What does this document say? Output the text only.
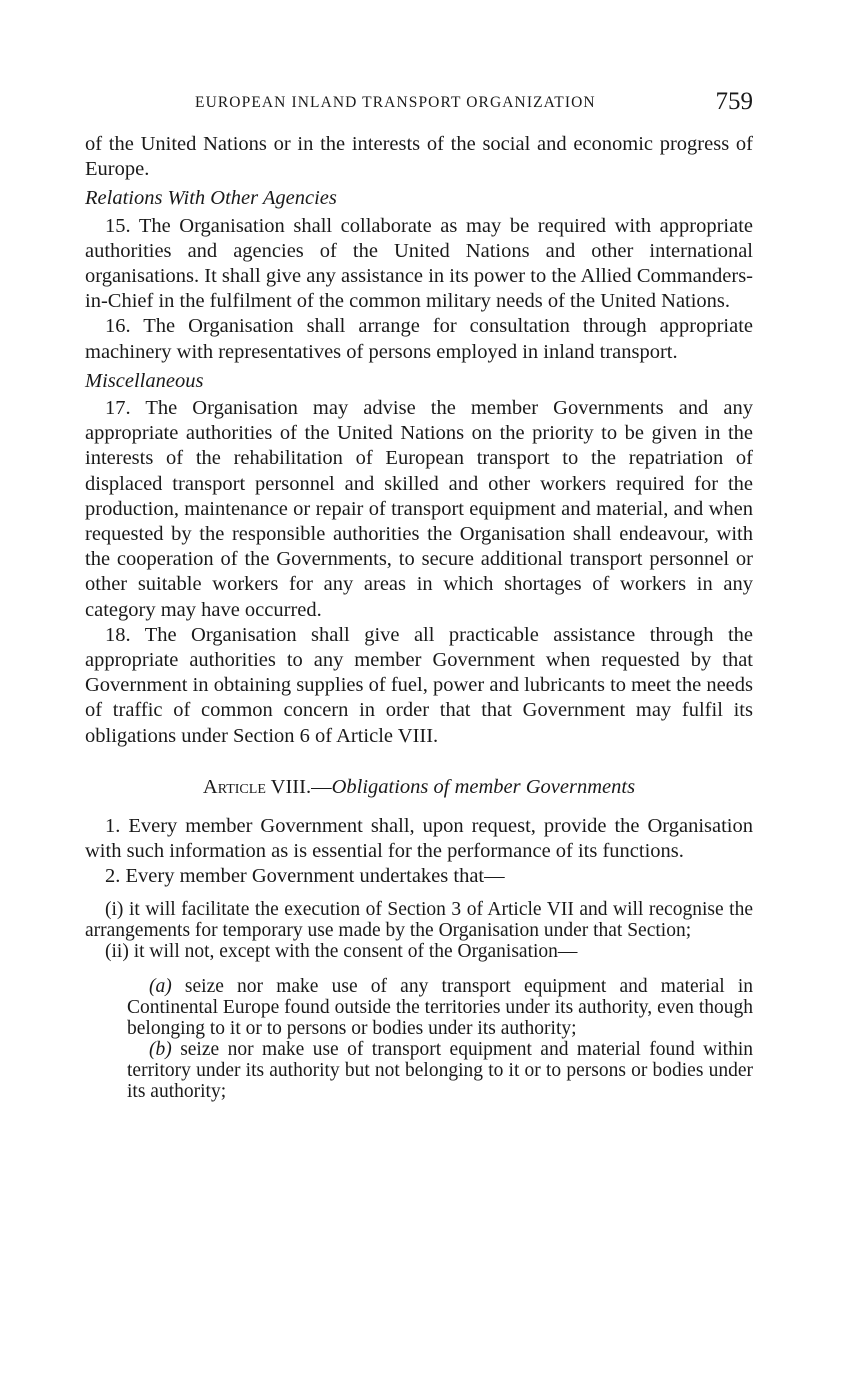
EUROPEAN INLAND TRANSPORT ORGANIZATION	759

of the United Nations or in the interests of the social and economic progress of Europe.

Relations With Other Agencies

15. The Organisation shall collaborate as may be required with appropriate authorities and agencies of the United Nations and other international organisations. It shall give any assistance in its power to the Allied Commanders-in-Chief in the fulfilment of the common military needs of the United Nations.

16. The Organisation shall arrange for consultation through appropriate machinery with representatives of persons employed in inland transport.

Miscellaneous

17. The Organisation may advise the member Governments and any appropriate authorities of the United Nations on the priority to be given in the interests of the rehabilitation of European transport to the repatriation of displaced transport personnel and skilled and other workers required for the production, maintenance or repair of transport equipment and material, and when requested by the responsible authorities the Organisation shall endeavour, with the cooperation of the Governments, to secure additional transport personnel or other suitable workers for any areas in which shortages of workers in any category may have occurred.

18. The Organisation shall give all practicable assistance through the appropriate authorities to any member Government when requested by that Government in obtaining supplies of fuel, power and lubricants to meet the needs of traffic of common concern in order that that Government may fulfil its obligations under Section 6 of Article VIII.

Article VIII.—Obligations of member Governments

1. Every member Government shall, upon request, provide the Organisation with such information as is essential for the performance of its functions.

2. Every member Government undertakes that—

(i) it will facilitate the execution of Section 3 of Article VII and will recognise the arrangements for temporary use made by the Organisation under that Section;

(ii) it will not, except with the consent of the Organisation—

(a) seize nor make use of any transport equipment and material in Continental Europe found outside the territories under its authority, even though belonging to it or to persons or bodies under its authority;

(b) seize nor make use of transport equipment and material found within territory under its authority but not belonging to it or to persons or bodies under its authority;
